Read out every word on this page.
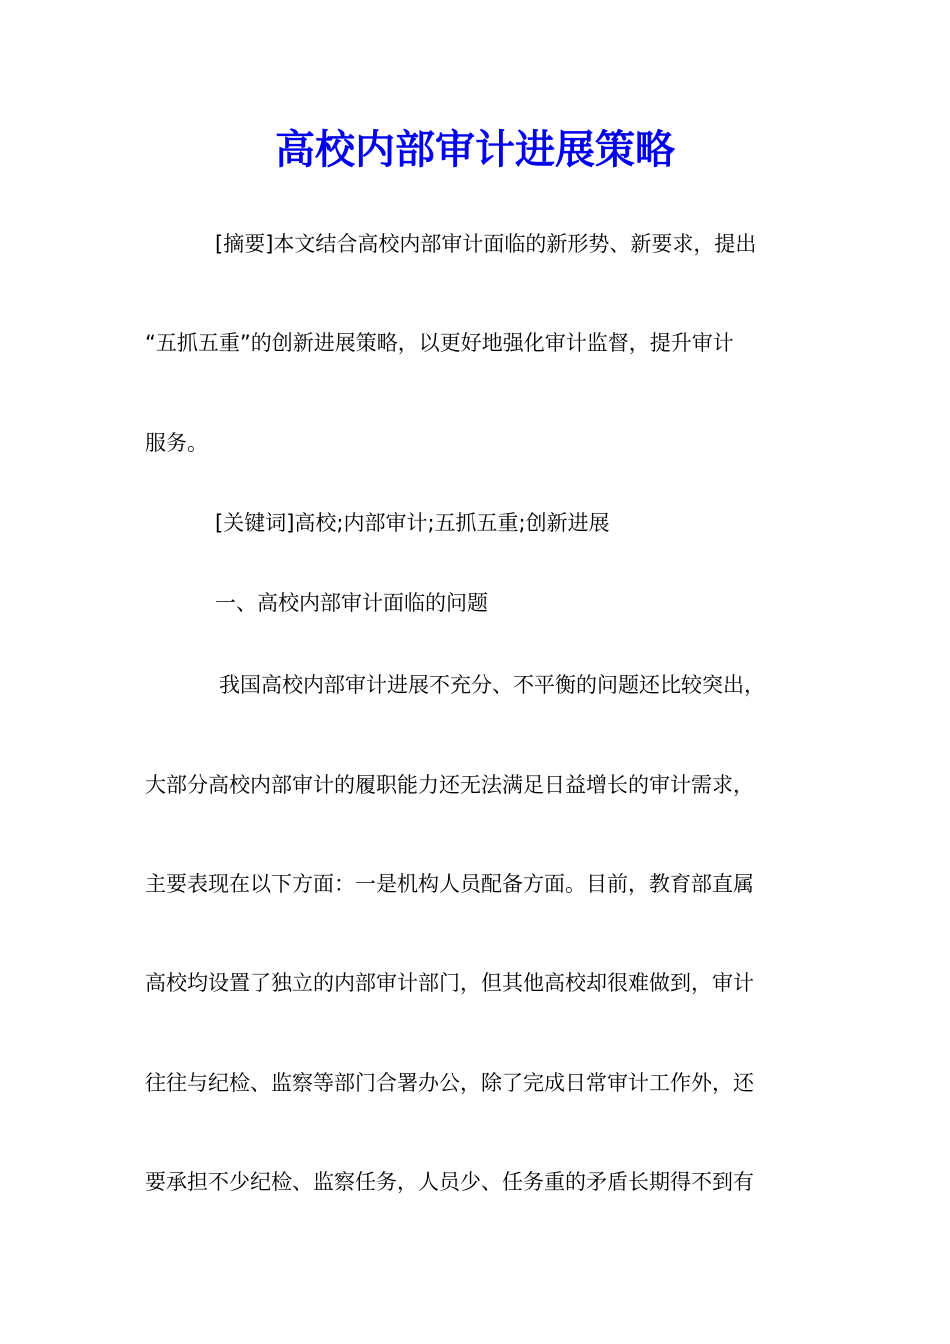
高校内部审计进展策略

[摘要]本文结合高校内部审计面临的新形势、新要求，提出

“五抓五重”的创新进展策略，以更好地强化审计监督，提升审计

服务。

[关键词]高校;内部审计;五抓五重;创新进展

一、高校内部审计面临的问题

我国高校内部审计进展不充分、不平衡的问题还比较突出，

大部分高校内部审计的履职能力还无法满足日益增长的审计需求，

主要表现在以下方面：一是机构人员配备方面。目前，教育部直属

高校均设置了独立的内部审计部门，但其他高校却很难做到，审计

往往与纪检、监察等部门合署办公，除了完成日常审计工作外，还

要承担不少纪检、监察任务，人员少、任务重的矛盾长期得不到有
